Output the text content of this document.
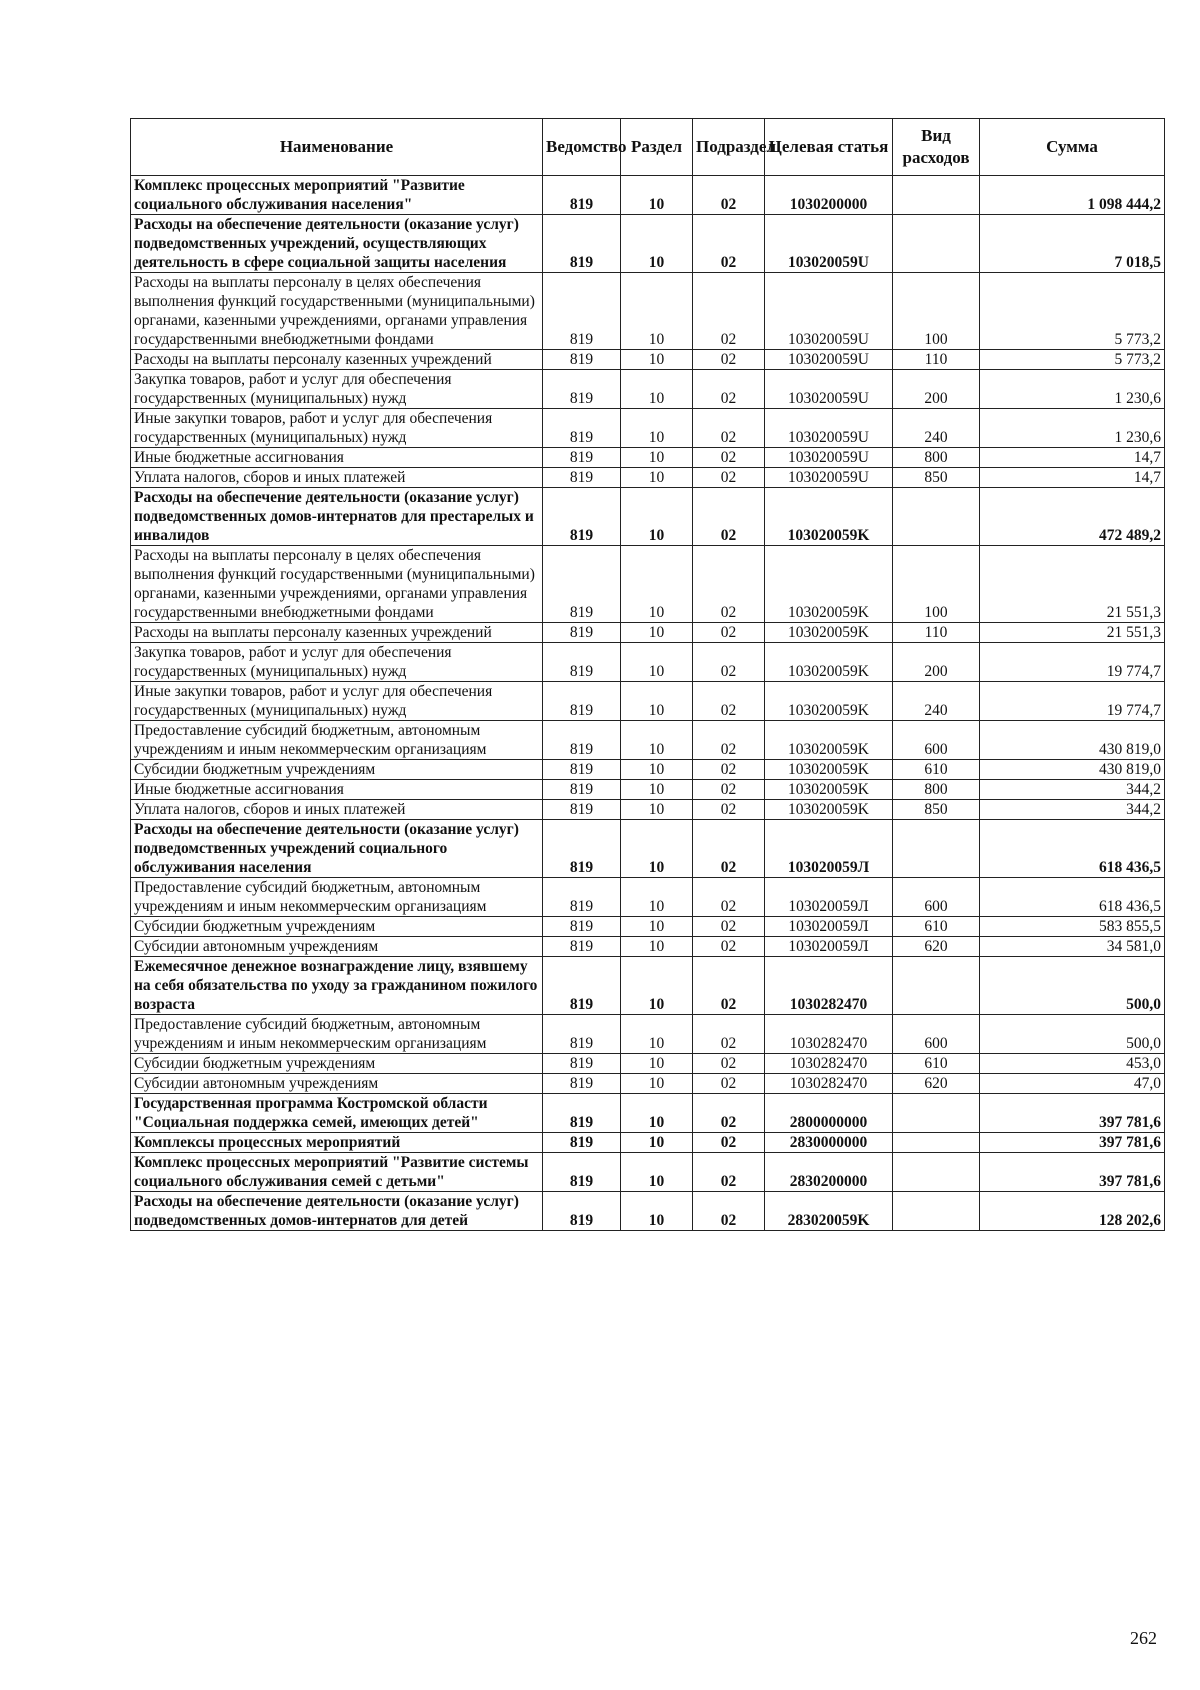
Наименование	Ведомство	Раздел	Подраздел	Целевая статья	Вид расходов	Сумма
Комплекс процессных мероприятий "Развитие социального обслуживания населения"	819	10	02	1030200000		1 098 444,2
Расходы на обеспечение деятельности (оказание услуг) подведомственных учреждений, осуществляющих деятельность в сфере социальной защиты населения	819	10	02	103020059U		7 018,5
Расходы на выплаты персоналу в целях обеспечения выполнения функций государственными (муниципальными) органами, казенными учреждениями, органами управления государственными внебюджетными фондами	819	10	02	103020059U	100	5 773,2
Расходы на выплаты персоналу казенных учреждений	819	10	02	103020059U	110	5 773,2
Закупка товаров, работ и услуг для обеспечения государственных (муниципальных) нужд	819	10	02	103020059U	200	1 230,6
Иные закупки товаров, работ и услуг для обеспечения государственных (муниципальных) нужд	819	10	02	103020059U	240	1 230,6
Иные бюджетные ассигнования	819	10	02	103020059U	800	14,7
Уплата налогов, сборов и иных платежей	819	10	02	103020059U	850	14,7
Расходы на обеспечение деятельности (оказание услуг) подведомственных домов-интернатов для престарелых и инвалидов	819	10	02	103020059K		472 489,2
Расходы на выплаты персоналу в целях обеспечения выполнения функций государственными (муниципальными) органами, казенными учреждениями, органами управления государственными внебюджетными фондами	819	10	02	103020059K	100	21 551,3
Расходы на выплаты персоналу казенных учреждений	819	10	02	103020059K	110	21 551,3
Закупка товаров, работ и услуг для обеспечения государственных (муниципальных) нужд	819	10	02	103020059K	200	19 774,7
Иные закупки товаров, работ и услуг для обеспечения государственных (муниципальных) нужд	819	10	02	103020059K	240	19 774,7
Предоставление субсидий бюджетным, автономным учреждениям и иным некоммерческим организациям	819	10	02	103020059K	600	430 819,0
Субсидии бюджетным учреждениям	819	10	02	103020059K	610	430 819,0
Иные бюджетные ассигнования	819	10	02	103020059K	800	344,2
Уплата налогов, сборов и иных платежей	819	10	02	103020059K	850	344,2
Расходы на обеспечение деятельности (оказание услуг) подведомственных учреждений социального обслуживания населения	819	10	02	103020059Л		618 436,5
Предоставление субсидий бюджетным, автономным учреждениям и иным некоммерческим организациям	819	10	02	103020059Л	600	618 436,5
Субсидии бюджетным учреждениям	819	10	02	103020059Л	610	583 855,5
Субсидии автономным учреждениям	819	10	02	103020059Л	620	34 581,0
Ежемесячное денежное вознаграждение лицу, взявшему на себя обязательства по уходу за гражданином пожилого возраста	819	10	02	1030282470		500,0
Предоставление субсидий бюджетным, автономным учреждениям и иным некоммерческим организациям	819	10	02	1030282470	600	500,0
Субсидии бюджетным учреждениям	819	10	02	1030282470	610	453,0
Субсидии автономным учреждениям	819	10	02	1030282470	620	47,0
Государственная программа Костромской области "Социальная поддержка семей, имеющих детей"	819	10	02	2800000000		397 781,6
Комплексы процессных мероприятий	819	10	02	2830000000		397 781,6
Комплекс процессных мероприятий "Развитие системы социального обслуживания семей с детьми"	819	10	02	2830200000		397 781,6
Расходы на обеспечение деятельности (оказание услуг) подведомственных домов-интернатов для детей	819	10	02	283020059K		128 202,6
262
